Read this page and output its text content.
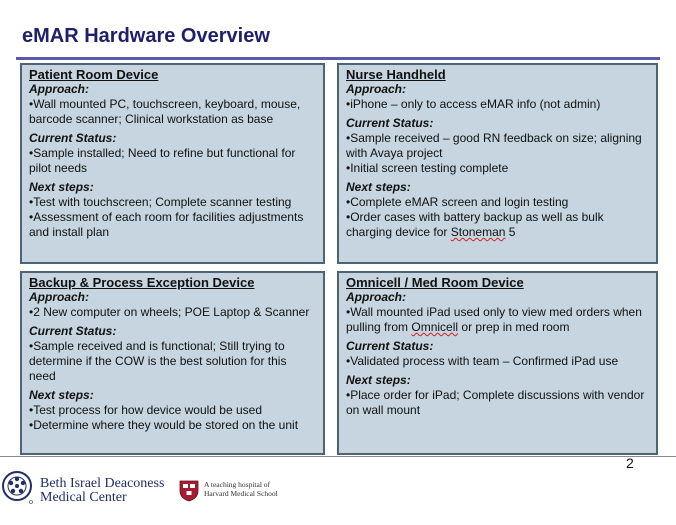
eMAR Hardware Overview
Patient Room Device
Approach:
• Wall mounted PC, touchscreen, keyboard, mouse, barcode scanner; Clinical workstation as base
Current Status:
• Sample installed; Need to refine but functional for pilot needs
Next steps:
• Test with touchscreen; Complete scanner testing
• Assessment of each room for facilities adjustments and install plan
Nurse Handheld
Approach:
• iPhone – only to access eMAR info (not admin)
Current Status:
• Sample received – good RN feedback on size; aligning with Avaya project
• Initial screen testing complete
Next steps:
• Complete eMAR screen and login testing
• Order cases with battery backup as well as bulk charging device for Stoneman 5
Backup & Process Exception Device
Approach:
• 2 New computer on wheels; POE Laptop & Scanner
Current Status:
• Sample received and is functional; Still trying to determine if the COW is the best solution for this need
Next steps:
• Test process for how device would be used
• Determine where they would be stored on the unit
Omnicell / Med Room Device
Approach:
• Wall mounted iPad used only to view med orders when pulling from Omnicell or prep in med room
Current Status:
• Validated process with team – Confirmed iPad use
Next steps:
• Place order for iPad; Complete discussions with vendor on wall mount
2
Beth Israel Deaconess
Medical Center
A teaching hospital of
Harvard Medical School
